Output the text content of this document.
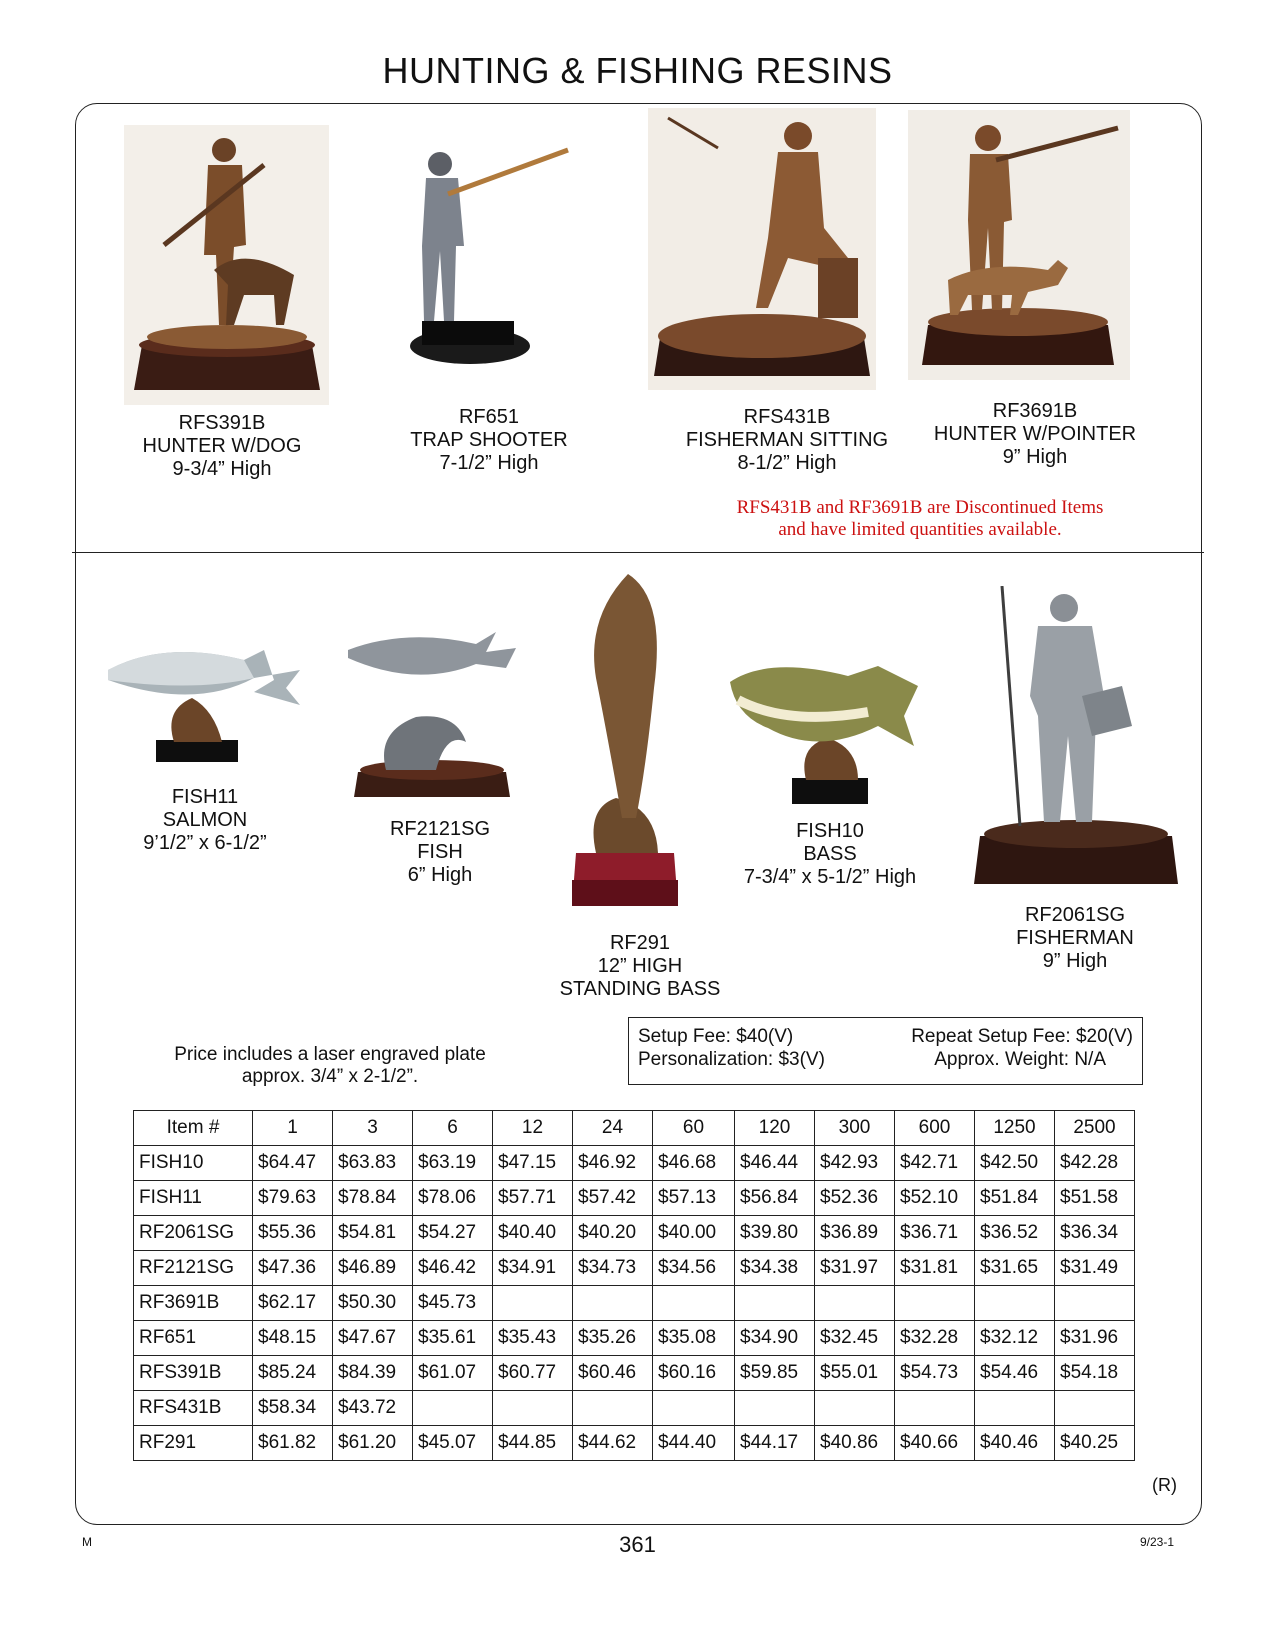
HUNTING & FISHING RESINS
RFS391B
HUNTER W/DOG
9-3/4” High
RF651
TRAP SHOOTER
7-1/2” High
RFS431B
FISHERMAN SITTING
8-1/2” High
RF3691B
HUNTER W/POINTER
9” High
RFS431B and RF3691B are Discontinued Items
and have limited quantities available.
FISH11
SALMON
9’1/2” x 6-1/2”
RF2121SG
FISH
6” High
RF291
12” HIGH
STANDING BASS
FISH10
BASS
7-3/4” x 5-1/2” High
RF2061SG
FISHERMAN
9” High
Price includes a laser engraved plate
approx. 3/4” x 2-1/2”.
Setup Fee: $40(V)	Repeat Setup Fee: $20(V)
Personalization: $3(V)	Approx. Weight: N/A
Item #	1	3	6	12	24	60	120	300	600	1250	2500
FISH10	$64.47	$63.83	$63.19	$47.15	$46.92	$46.68	$46.44	$42.93	$42.71	$42.50	$42.28
FISH11	$79.63	$78.84	$78.06	$57.71	$57.42	$57.13	$56.84	$52.36	$52.10	$51.84	$51.58
RF2061SG	$55.36	$54.81	$54.27	$40.40	$40.20	$40.00	$39.80	$36.89	$36.71	$36.52	$36.34
RF2121SG	$47.36	$46.89	$46.42	$34.91	$34.73	$34.56	$34.38	$31.97	$31.81	$31.65	$31.49
RF3691B	$62.17	$50.30	$45.73								
RF651	$48.15	$47.67	$35.61	$35.43	$35.26	$35.08	$34.90	$32.45	$32.28	$32.12	$31.96
RFS391B	$85.24	$84.39	$61.07	$60.77	$60.46	$60.16	$59.85	$55.01	$54.73	$54.46	$54.18
RFS431B	$58.34	$43.72									
RF291	$61.82	$61.20	$45.07	$44.85	$44.62	$44.40	$44.17	$40.86	$40.66	$40.46	$40.25
(R)
M	361	9/23-1
